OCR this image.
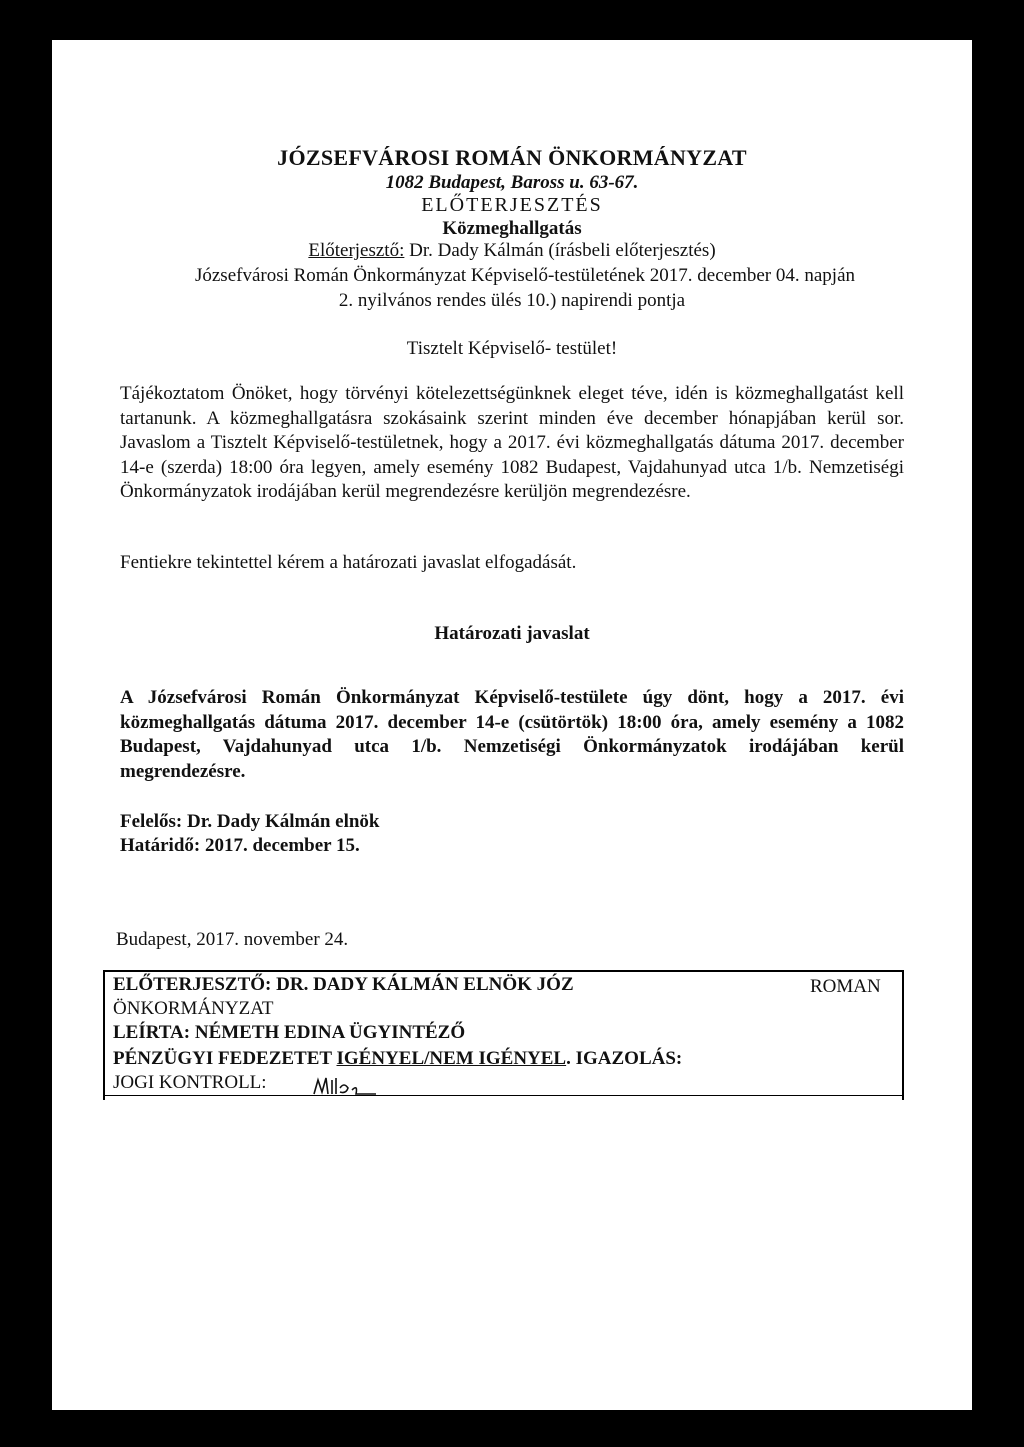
JÓZSEFVÁROSI ROMÁN ÖNKORMÁNYZAT
1082 Budapest, Baross u. 63-67.
ELŐTERJESZTÉS
Közmeghallgatás
Előterjesztő: Dr. Dady Kálmán (írásbeli előterjesztés)
Józsefvárosi Román Önkormányzat Képviselő-testületének 2017. december 04. napján
2. nyilvános rendes ülés 10.) napirendi pontja
Tisztelt Képviselő- testület!
Tájékoztatom Önöket, hogy törvényi kötelezettségünknek eleget téve, idén is közmeghallgatást kell tartanunk. A közmeghallgatásra szokásaink szerint minden éve december hónapjában kerül sor. Javaslom a Tisztelt Képviselő-testületnek, hogy a 2017. évi közmeghallgatás dátuma 2017. december 14-e (szerda) 18:00 óra legyen, amely esemény 1082 Budapest, Vajdahunyad utca 1/b. Nemzetiségi Önkormányzatok irodájában kerül megrendezésre kerüljön megrendezésre.
Fentiekre tekintettel kérem a határozati javaslat elfogadását.
Határozati javaslat
A Józsefvárosi Román Önkormányzat Képviselő-testülete úgy dönt, hogy a 2017. évi közmeghallgatás dátuma 2017. december 14-e (csütörtök) 18:00 óra, amely esemény a 1082 Budapest, Vajdahunyad utca 1/b. Nemzetiségi Önkormányzatok irodájában kerül megrendezésre.
Felelős: Dr. Dady Kálmán elnök
Határidő: 2017. december 15.
Budapest, 2017. november 24.
ELŐTERJESZTŐ: DR. DADY KÁLMÁN ELNÖK JÓZ	ROMAN
ÖNKORMÁNYZAT
LEÍRTA: NÉMETH EDINA ÜGYINTÉZŐ
PÉNZÜGYI FEDEZETET IGÉNYEL/NEM IGÉNYEL. IGAZOLÁS:
JOGI KONTROLL:
